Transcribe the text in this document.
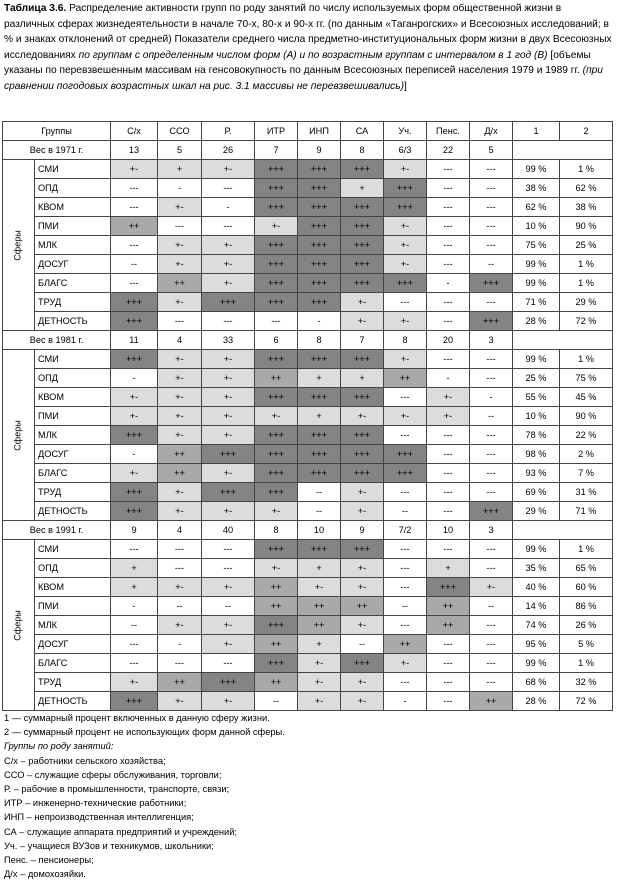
Таблица 3.6. Распределение активности групп по роду занятий по числу используемых форм общественной жизни в различных сферах жизнедеятельности в начале 70-х, 80-х и 90-х гг. (по данным «Таганрогских» и Всесоюзных исследований; в % и знаках отклонений от средней) Показатели среднего числа предметно-институциональных форм жизни в двух Всесоюзных исследованиях по группам с определенным числом форм (А) и по возрастным группам с интервалом в 1 год (В) [объемы указаны по перевзвешенным массивам на генсовокупность по данным Всесоюзных переписей населения 1979 и 1989 гг. (при сравнении погодовых возрастных шкал на рис. 3.1 массивы не перевзвешивались)]
Группы		С/х	ССО	Р.	ИТР	ИНП	СА	Уч.	Пенс.	Д/х	1	2
Вес в 1971 г.		13	5	26	7	9	8	6/3	22	5		
Сферы	СМИ	+-	+	+-	+++	+++	+++	+-	---	---	99 %	1 %
	ОПД	---	-	---	+++	+++	+	+++	---	---	38 %	62 %
	КВОМ	---	+-	-	+++	+++	+++	+++	---	---	62 %	38 %
	ПМИ	++	---	---	+-	+++	+++	+-	---	---	10 %	90 %
	МЛК	---	+-	+-	+++	+++	+++	+-	---	---	75 %	25 %
	ДОСУГ	--	+-	+-	+++	+++	+++	+-	---	--	99 %	1 %
	БЛАГС	---	++	+-	+++	+++	+++	+++	-	+++	99 %	1 %
	ТРУД	+++	+-	+++	+++	+++	+-	---	---	---	71 %	29 %
	ДЕТНОСТЬ	+++	---	---	---	-	+-	+-	---	+++	28 %	72 %
Вес в 1981 г.		11	4	33	6	8	7	8	20	3		
Сферы	СМИ	+++	+-	+-	+++	+++	+++	+-	---	---	99 %	1 %
	ОПД	-	+-	+-	++	+	+	++	-	---	25 %	75 %
	КВОМ	+-	+-	+-	+++	+++	+++	---	+-	-	55 %	45 %
	ПМИ	+-	+-	+-	+-	+	+-	+-	+-	--	10 %	90 %
	МЛК	+++	+-	+-	+++	+++	+++	---	---	---	78 %	22 %
	ДОСУГ	-	++	+++	+++	+++	+++	+++	---	---	98 %	2 %
	БЛАГС	+-	++	+-	+++	+++	+++	+++	---	---	93 %	7 %
	ТРУД	+++	+-	+++	+++	--	+-	---	---	---	69 %	31 %
	ДЕТНОСТЬ	+++	+-	+-	+-	--	+-	--	---	+++	29 %	71 %
Вес в 1991 г.		9	4	40	8	10	9	7/2	10	3		
Сферы	СМИ	---	---	---	+++	+++	+++	---	---	---	99 %	1 %
	ОПД	+	---	---	+-	+	+-	---	+	---	35 %	65 %
	КВОМ	+	+-	+-	++	+-	+-	---	+++	+-	40 %	60 %
	ПМИ	-	--	--	++	++	++	--	++	--	14 %	86 %
	МЛК	--	+-	+-	+++	++	+-	---	++	---	74 %	26 %
	ДОСУГ	---	-	+-	++	+	--	++	---	---	95 %	5 %
	БЛАГС	---	---	---	+++	+-	+++	+-	---	---	99 %	1 %
	ТРУД	+-	++	+++	++	+-	+-	---	---	---	68 %	32 %
	ДЕТНОСТЬ	+++	+-	+-	--	+-	+-	-	---	++	28 %	72 %
1 — суммарный процент включенных в данную сферу жизни.
2 — суммарный процент не использующих форм данной сферы.
Группы по роду занятий:
С/х – работники сельского хозяйства;
ССО – служащие сферы обслуживания, торговли;
Р. – рабочие в промышленности, транспорте, связи;
ИТР – инженерно-технические работники;
ИНП – непроизводственная интеллигенция;
СА – служащие аппарата предприятий и учреждений;
Уч. – учащиеся ВУЗов и техникумов, школьники;
Пенс. – пенсионеры;
Д/х – домохозяйки.
